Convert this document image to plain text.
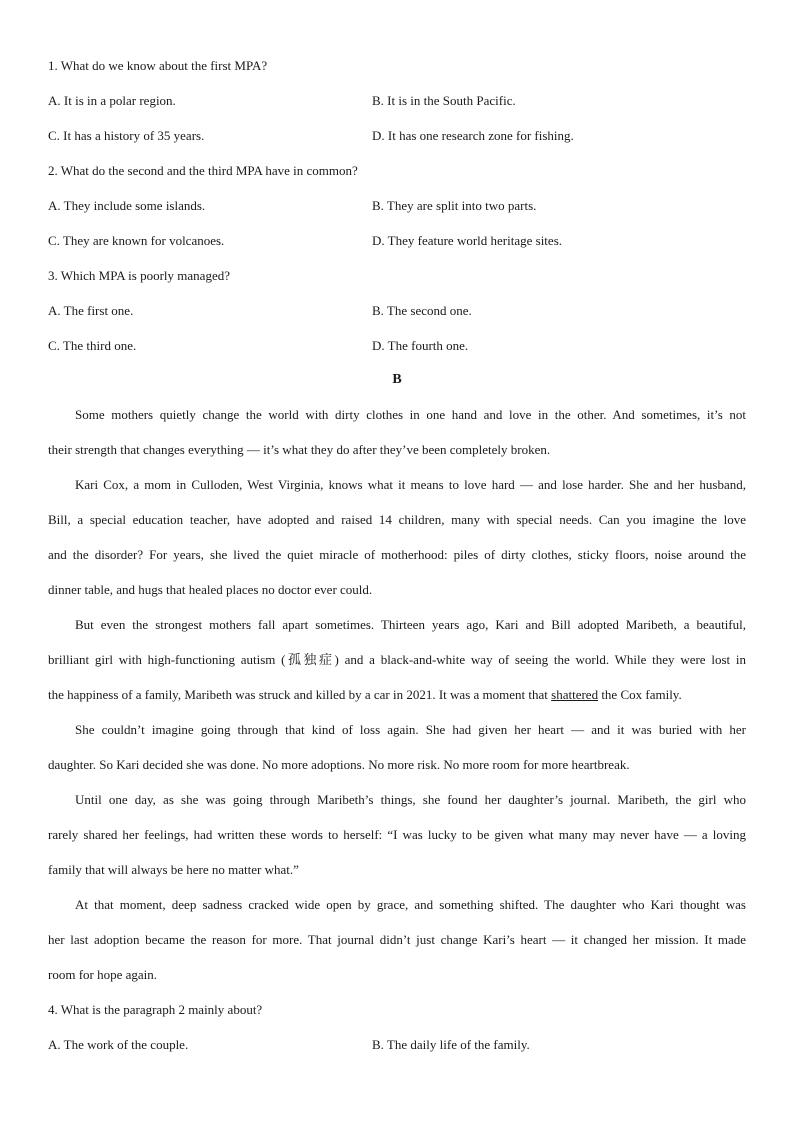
1. What do we know about the first MPA?
A. It is in a polar region.	B. It is in the South Pacific.
C. It has a history of 35 years.	D. It has one research zone for fishing.
2. What do the second and the third MPA have in common?
A. They include some islands.	B. They are split into two parts.
C. They are known for volcanoes.	D. They feature world heritage sites.
3. Which MPA is poorly managed?
A. The first one.	B. The second one.
C. The third one.	D. The fourth one.
B
Some mothers quietly change the world with dirty clothes in one hand and love in the other. And sometimes, it’s not
their strength that changes everything — it’s what they do after they’ve been completely broken.
Kari Cox, a mom in Culloden, West Virginia, knows what it means to love hard — and lose harder. She and her husband,
Bill, a special education teacher, have adopted and raised 14 children, many with special needs. Can you imagine the love
and the disorder? For years, she lived the quiet miracle of motherhood: piles of dirty clothes, sticky floors, noise around the
dinner table, and hugs that healed places no doctor ever could.
But even the strongest mothers fall apart sometimes. Thirteen years ago, Kari and Bill adopted Maribeth, a beautiful,
brilliant girl with high-functioning autism (孤独症) and a black-and-white way of seeing the world. While they were lost in
the happiness of a family, Maribeth was struck and killed by a car in 2021. It was a moment that shattered the Cox family.
She couldn’t imagine going through that kind of loss again. She had given her heart — and it was buried with her
daughter. So Kari decided she was done. No more adoptions. No more risk. No more room for more heartbreak.
Until one day, as she was going through Maribeth’s things, she found her daughter’s journal. Maribeth, the girl who
rarely shared her feelings, had written these words to herself: “I was lucky to be given what many may never have — a loving
family that will always be here no matter what.”
At that moment, deep sadness cracked wide open by grace, and something shifted. The daughter who Kari thought was
her last adoption became the reason for more. That journal didn’t just change Kari’s heart — it changed her mission. It made
room for hope again.
4. What is the paragraph 2 mainly about?
A. The work of the couple.	B. The daily life of the family.
